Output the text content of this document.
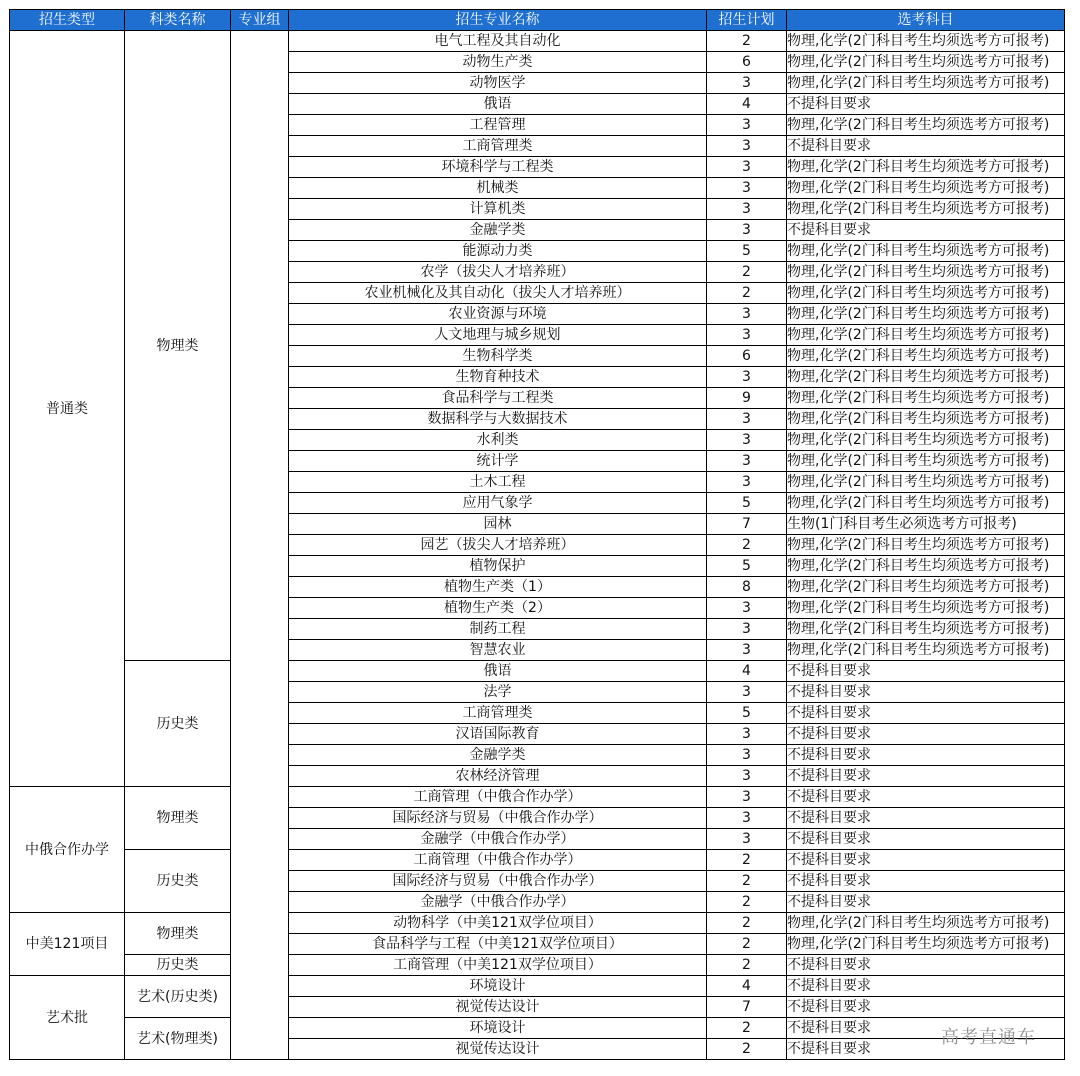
招生类型	科类名称	专业组	招生专业名称	招生计划	选考科目
普通类	物理类		电气工程及其自动化	2	物理,化学(2门科目考生均须选考方可报考)
			动物生产类	6	物理,化学(2门科目考生均须选考方可报考)
			动物医学	3	物理,化学(2门科目考生均须选考方可报考)
			俄语	4	不提科目要求
			工程管理	3	物理,化学(2门科目考生均须选考方可报考)
			工商管理类	3	不提科目要求
			环境科学与工程类	3	物理,化学(2门科目考生均须选考方可报考)
			机械类	3	物理,化学(2门科目考生均须选考方可报考)
			计算机类	3	物理,化学(2门科目考生均须选考方可报考)
			金融学类	3	不提科目要求
			能源动力类	5	物理,化学(2门科目考生均须选考方可报考)
			农学（拔尖人才培养班）	2	物理,化学(2门科目考生均须选考方可报考)
			农业机械化及其自动化（拔尖人才培养班）	2	物理,化学(2门科目考生均须选考方可报考)
			农业资源与环境	3	物理,化学(2门科目考生均须选考方可报考)
			人文地理与城乡规划	3	物理,化学(2门科目考生均须选考方可报考)
			生物科学类	6	物理,化学(2门科目考生均须选考方可报考)
			生物育种技术	3	物理,化学(2门科目考生均须选考方可报考)
			食品科学与工程类	9	物理,化学(2门科目考生均须选考方可报考)
			数据科学与大数据技术	3	物理,化学(2门科目考生均须选考方可报考)
			水利类	3	物理,化学(2门科目考生均须选考方可报考)
			统计学	3	物理,化学(2门科目考生均须选考方可报考)
			土木工程	3	物理,化学(2门科目考生均须选考方可报考)
			应用气象学	5	物理,化学(2门科目考生均须选考方可报考)
			园林	7	生物(1门科目考生必须选考方可报考)
			园艺（拔尖人才培养班）	2	物理,化学(2门科目考生均须选考方可报考)
			植物保护	5	物理,化学(2门科目考生均须选考方可报考)
			植物生产类（1）	8	物理,化学(2门科目考生均须选考方可报考)
			植物生产类（2）	3	物理,化学(2门科目考生均须选考方可报考)
			制药工程	3	物理,化学(2门科目考生均须选考方可报考)
			智慧农业	3	物理,化学(2门科目考生均须选考方可报考)
	历史类		俄语	4	不提科目要求
			法学	3	不提科目要求
			工商管理类	5	不提科目要求
			汉语国际教育	3	不提科目要求
			金融学类	3	不提科目要求
			农林经济管理	3	不提科目要求
中俄合作办学	物理类		工商管理（中俄合作办学）	3	不提科目要求
			国际经济与贸易（中俄合作办学）	3	不提科目要求
			金融学（中俄合作办学）	3	不提科目要求
	历史类		工商管理（中俄合作办学）	2	不提科目要求
			国际经济与贸易（中俄合作办学）	2	不提科目要求
			金融学（中俄合作办学）	2	不提科目要求
中美121项目	物理类		动物科学（中美121双学位项目）	2	物理,化学(2门科目考生均须选考方可报考)
			食品科学与工程（中美121双学位项目）	2	物理,化学(2门科目考生均须选考方可报考)
	历史类		工商管理（中美121双学位项目）	2	不提科目要求
艺术批	艺术(历史类)		环境设计	4	不提科目要求
			视觉传达设计	7	不提科目要求
	艺术(物理类)		环境设计	2	不提科目要求
			视觉传达设计	2	不提科目要求
高考直通车
